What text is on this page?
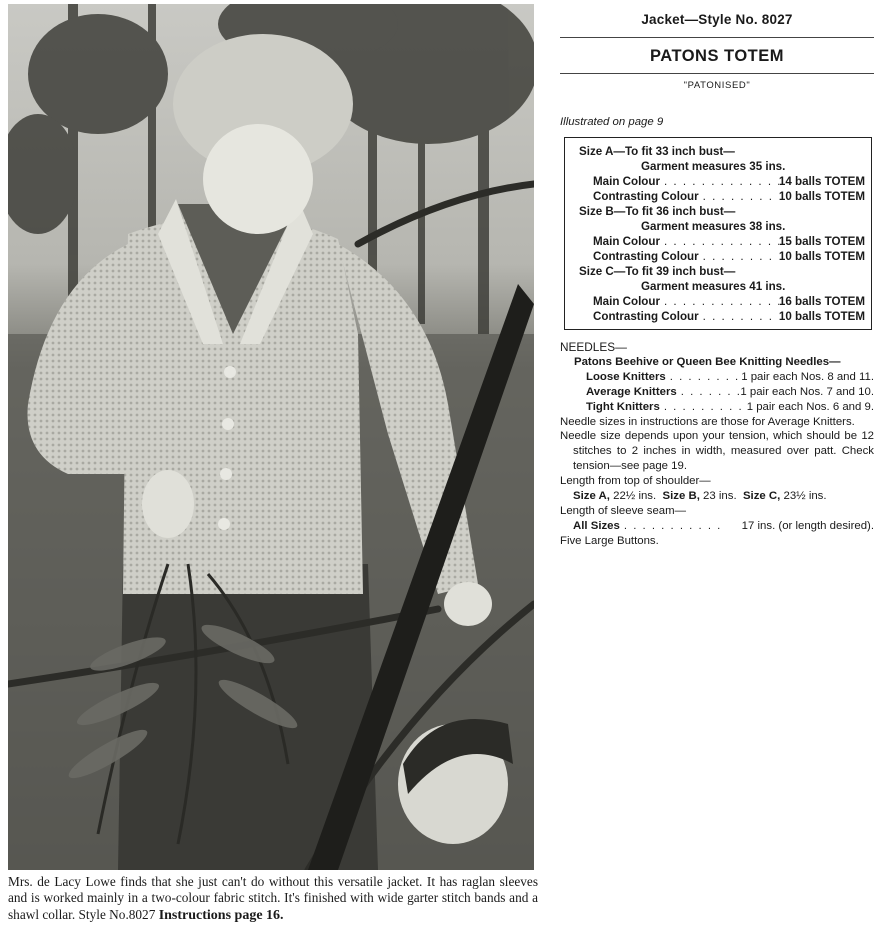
Mrs. de Lacy Lowe finds that she just can't do without this versatile jacket. It has raglan sleeves and is worked mainly in a two-colour fabric stitch. It's finished with wide garter stitch bands and a shawl collar. Style No.8027 Instructions page 16.
Jacket—Style No. 8027
PATONS TOTEM
"PATONISED"
Illustrated on page 9
Size A—To fit 33 inch bust—
Garment measures 35 ins.
Main Colour . . .	14 balls TOTEM
Contrasting Colour . . .	10 balls TOTEM
Size B—To fit 36 inch bust—
Garment measures 38 ins.
Main Colour . . .	15 balls TOTEM
Contrasting Colour . . .	10 balls TOTEM
Size C—To fit 39 inch bust—
Garment measures 41 ins.
Main Colour . . .	16 balls TOTEM
Contrasting Colour . . .	10 balls TOTEM
NEEDLES—
Patons Beehive or Queen Bee Knitting Needles—
Loose Knitters . . .	1 pair each Nos. 8 and 11.
Average Knitters . . .	1 pair each Nos. 7 and 10.
Tight Knitters . . .	1 pair each Nos. 6 and 9.
Needle sizes in instructions are those for Average Knitters.
Needle size depends upon your tension, which should be 12 stitches to 2 inches in width, measured over patt. Check tension—see page 19.
Length from top of shoulder—
Size A, 22½ ins. Size B, 23 ins. Size C, 23½ ins.
Length of sleeve seam—
All Sizes . . .	17 ins. (or length desired).
Five Large Buttons.
